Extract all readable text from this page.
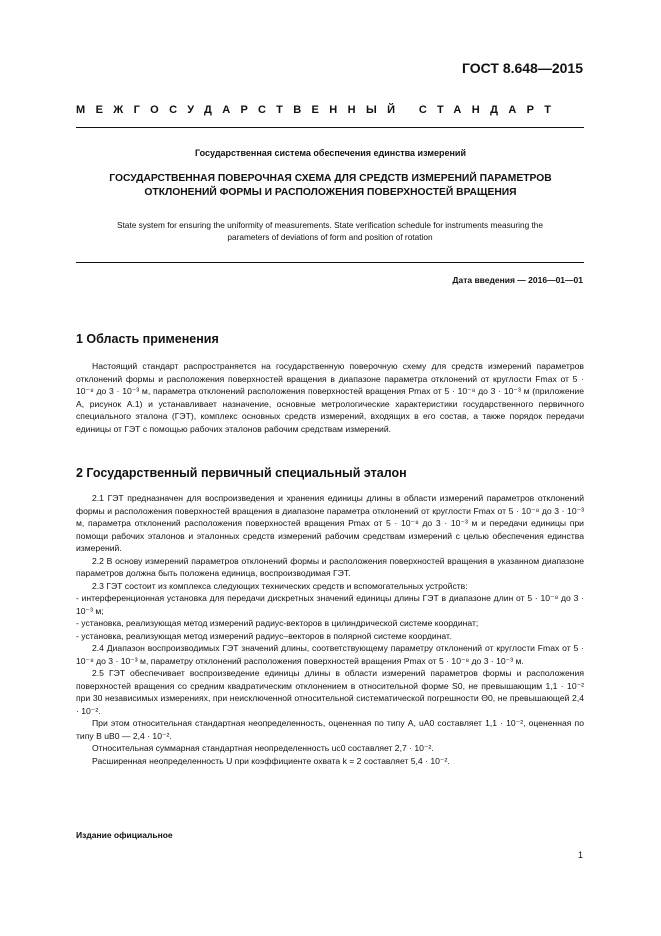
ГОСТ 8.648—2015
МЕЖГОСУДАРСТВЕННЫЙ СТАНДАРТ
Государственная система обеспечения единства измерений
ГОСУДАРСТВЕННАЯ ПОВЕРОЧНАЯ СХЕМА ДЛЯ СРЕДСТВ ИЗМЕРЕНИЙ ПАРАМЕТРОВ
ОТКЛОНЕНИЙ ФОРМЫ И РАСПОЛОЖЕНИЯ ПОВЕРХНОСТЕЙ ВРАЩЕНИЯ
State system for ensuring the uniformity of measurements. State verification schedule for instruments measuring the
parameters of deviations of form and position of rotation
Дата введения — 2016—01—01
1 Область применения

Настоящий стандарт распространяется на государственную поверочную схему для средств измерений параметров отклонений формы и расположения поверхностей вращения в диапазоне параметра отклонений от круглости Fmax от 5 · 10⁻⁸ до 3 · 10⁻³ м, параметра отклонений расположения поверхностей вращения Pmax от 5 · 10⁻⁸ до 3 · 10⁻³ м (приложение А, рисунок А.1) и устанавливает назначение, основные метрологические характеристики государственного первичного специального эталона (ГЭТ), комплекс основных средств измерений, входящих в его состав, а также порядок передачи единицы от ГЭТ с помощью рабочих эталонов рабочим средствам измерений.

2 Государственный первичный специальный эталон

2.1 ГЭТ предназначен для воспроизведения и хранения единицы длины в области измерений параметров отклонений формы и расположения поверхностей вращения в диапазоне параметра отклонений от круглости Fmax от 5 · 10⁻⁸ до 3 · 10⁻³ м, параметра отклонений расположения поверхностей вращения Pmax от 5 · 10⁻⁸ до 3 · 10⁻³ м и передачи единицы при помощи рабочих эталонов и эталонных средств измерений рабочим средствам измерений с целью обеспечения единства измерений.

2.2 В основу измерений параметров отклонений формы и расположения поверхностей вращения в указанном диапазоне параметров должна быть положена единица, воспроизводимая ГЭТ.

2.3 ГЭТ состоит из комплекса следующих технических средств и вспомогательных устройств:

- интерференционная установка для передачи дискретных значений единицы длины ГЭТ в диапазоне длин от 5 · 10⁻⁸ до 3 · 10⁻³ м;

- установка, реализующая метод измерений радиус-векторов в цилиндрической системе координат;

- установка, реализующая метод измерений радиус–векторов в полярной системе координат.

2.4 Диапазон воспроизводимых ГЭТ значений длины, соответствующему параметру отклонений от круглости Fmax от 5 · 10⁻⁸ до 3 · 10⁻³ м, параметру отклонений расположения поверхностей вращения Pmax от 5 · 10⁻⁸ до 3 · 10⁻³ м.

2.5 ГЭТ обеспечивает воспроизведение единицы длины в области измерений параметров формы и расположения поверхностей вращения со средним квадратическим отклонением в относительной форме S0, не превышающим 1,1 · 10⁻² при 30 независимых измерениях, при неисключенной относительной систематической погрешности Θ0, не превышающей 2,4 · 10⁻².

При этом относительная стандартная неопределенность, оцененная по типу А, uA0 составляет 1,1 · 10⁻², оцененная по типу В uB0 — 2,4 · 10⁻².

Относительная суммарная стандартная неопределенность uc0 составляет 2,7 · 10⁻².

Расширенная неопределенность U при коэффициенте охвата k = 2 составляет 5,4 · 10⁻².

Издание официальное
1
